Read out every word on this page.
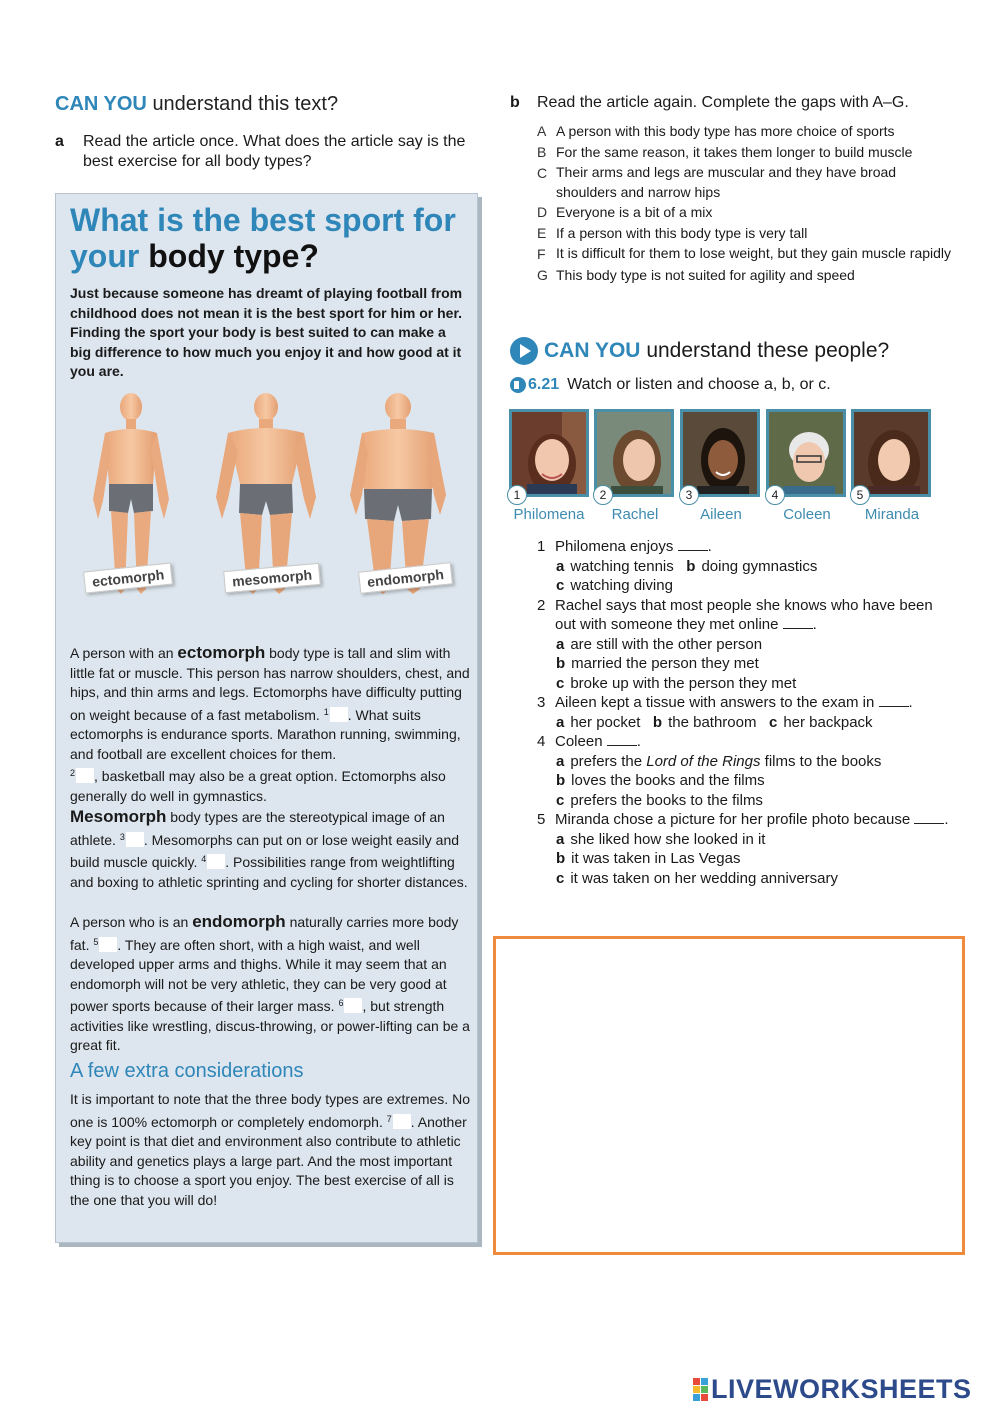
CAN YOU understand this text?
a	Read the article once. What does the article say is the best exercise for all body types?
What is the best sport for
your body type?
Just because someone has dreamt of playing football from childhood does not mean it is the best sport for him or her. Finding the sport your body is best suited to can make a big difference to how much you enjoy it and how good at it you are.
ectomorph	mesomorph	endomorph
A person with an ectomorph body type is tall and slim with little fat or muscle. This person has narrow shoulders, chest, and hips, and thin arms and legs. Ectomorphs have difficulty putting on weight because of a fast metabolism. $^1$ . What suits ectomorphs is endurance sports. Marathon running, swimming, and football are excellent choices for them.
$^2$ , basketball may also be a great option. Ectomorphs also generally do well in gymnastics.
Mesomorph body types are the stereotypical image of an athlete. $^3$ . Mesomorphs can put on or lose weight easily and build muscle quickly. $^4$ . Possibilities range from weightlifting and boxing to athletic sprinting and cycling for shorter distances.
A person who is an endomorph naturally carries more body fat. $^5$ . They are often short, with a high waist, and well developed upper arms and thighs. While it may seem that an endomorph will not be very athletic, they can be very good at power sports because of their larger mass. $^6$ , but strength activities like wrestling, discus-throwing, or power-lifting can be a great fit.
A few extra considerations
It is important to note that the three body types are extremes. No one is 100% ectomorph or completely endomorph. $^7$ . Another key point is that diet and environment also contribute to athletic ability and genetics plays a large part. And the most important thing is to choose a sport you enjoy. The best exercise of all is the one that you will do!
b	Read the article again. Complete the gaps with A–G.
A A person with this body type has more choice of sports
B For the same reason, it takes them longer to build muscle
C Their arms and legs are muscular and they have broad shoulders and narrow hips
D Everyone is a bit of a mix
E If a person with this body type is very tall
F It is difficult for them to lose weight, but they gain muscle rapidly
G This body type is not suited for agility and speed
CAN YOU
understand these people?
6.21 Watch or listen and choose a, b, or c.
1	2	3	4	5
Philomena	Rachel	Aileen	Coleen	Miranda
1 Philomena enjoys .
a watching tennis b doing gymnastics
c watching diving
2 Rachel says that most people she knows who have been out with someone they met online .
a are still with the other person
b married the person they met
c broke up with the person they met
3 Aileen kept a tissue with answers to the exam in .
a her pocket b the bathroom c her backpack
4 Coleen .
a prefers the Lord of the Rings films to the books
b loves the books and the films
c prefers the books to the films
5 Miranda chose a picture for her profile photo because .
a she liked how she looked in it
b it was taken in Las Vegas
c it was taken on her wedding anniversary
LIVEWORKSHEETS
